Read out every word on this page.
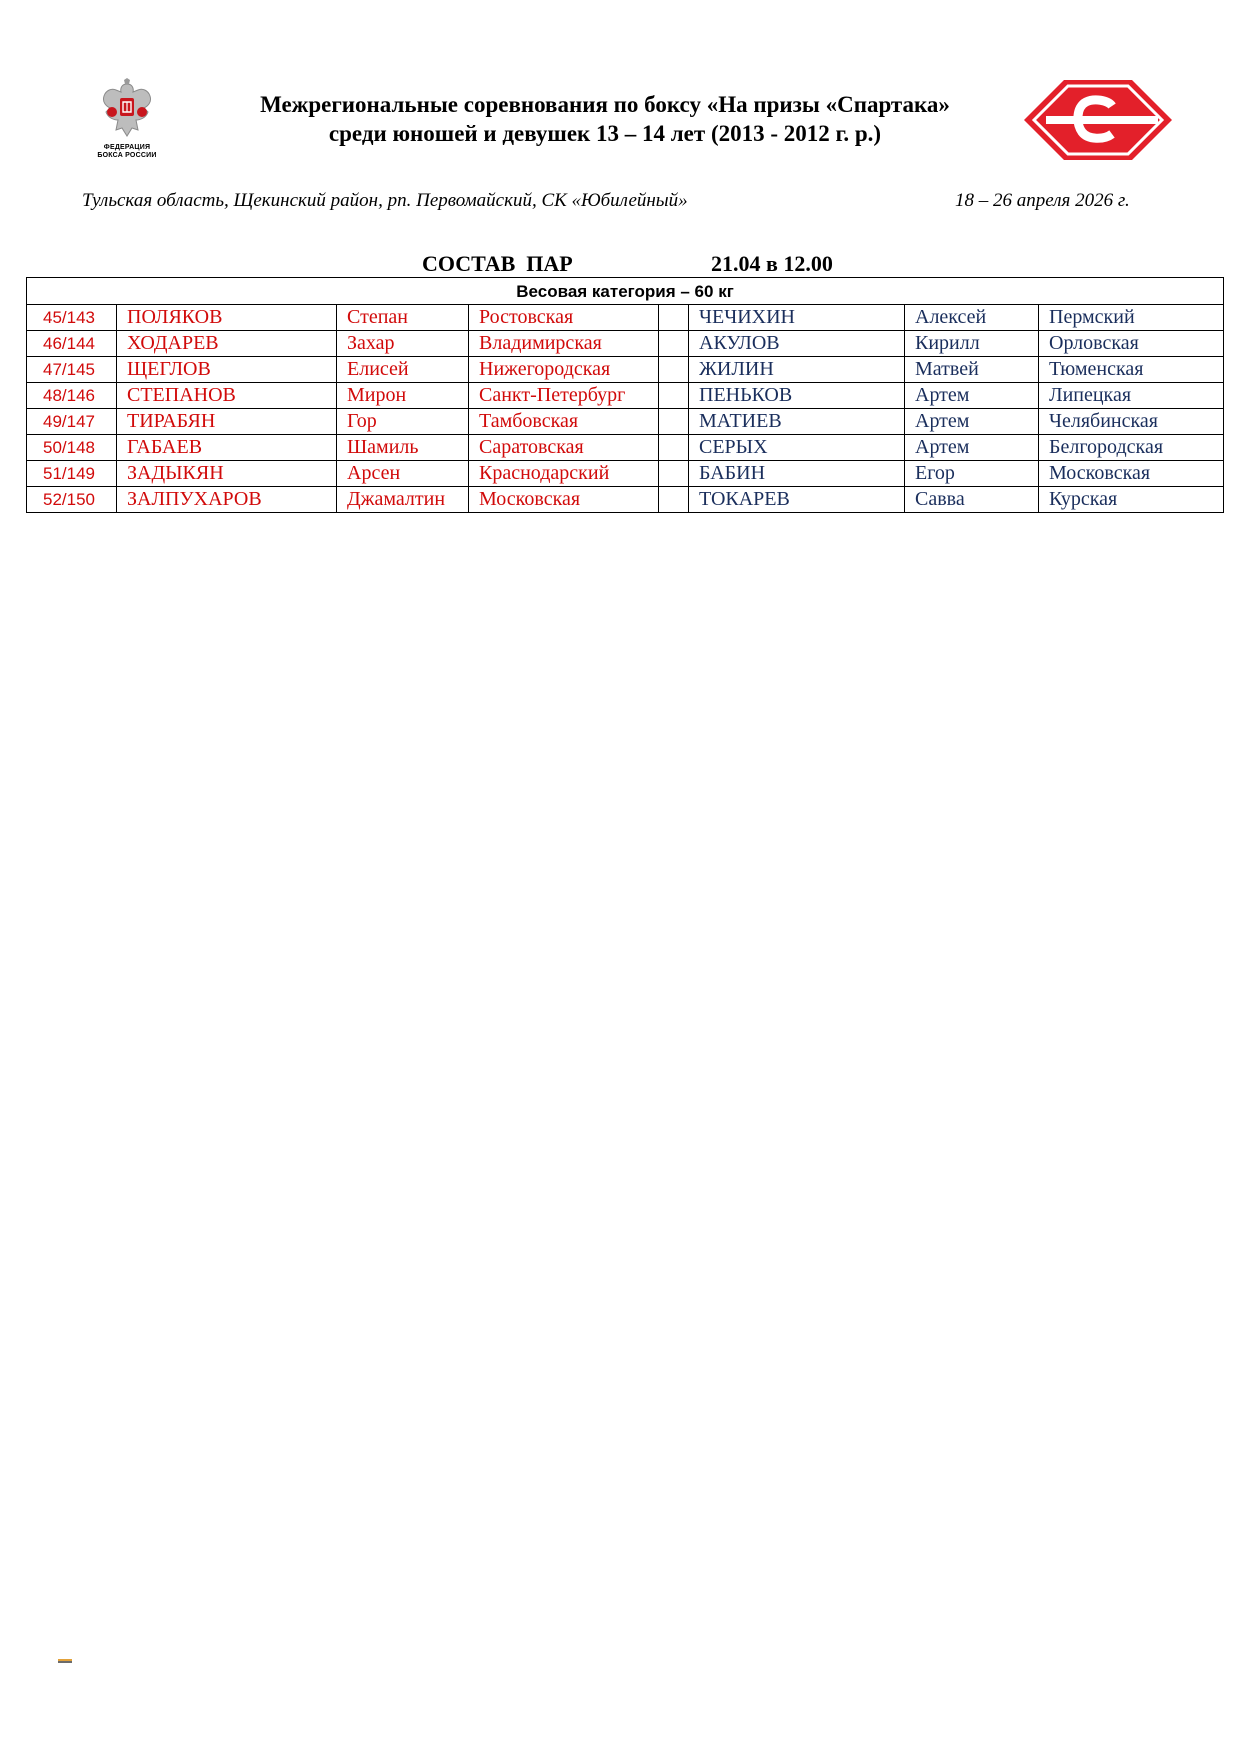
ФЕДЕРАЦИЯ
БОКСА РОССИИ
Межрегиональные соревнования по боксу «На призы «Спартака»
среди юношей и девушек 13 – 14 лет (2013 - 2012 г. р.)
Тульская область, Щекинский район, рп. Первомайский, СК «Юбилейный»	18 – 26 апреля 2026 г.
СОСТАВ  ПАР	21.04 в 12.00
Весовая категория – 60 кг							
45/143	ПОЛЯКОВ	Степан	Ростовская		ЧЕЧИХИН	Алексей	Пермский
46/144	ХОДАРЕВ	Захар	Владимирская		АКУЛОВ	Кирилл	Орловская
47/145	ЩЕГЛОВ	Елисей	Нижегородская		ЖИЛИН	Матвей	Тюменская
48/146	СТЕПАНОВ	Мирон	Санкт-Петербург		ПЕНЬКОВ	Артем	Липецкая
49/147	ТИРАБЯН	Гор	Тамбовская		МАТИЕВ	Артем	Челябинская
50/148	ГАБАЕВ	Шамиль	Саратовская		СЕРЫХ	Артем	Белгородская
51/149	ЗАДЫКЯН	Арсен	Краснодарский		БАБИН	Егор	Московская
52/150	ЗАЛПУХАРОВ	Джамалтин	Московская		ТОКАРЕВ	Савва	Курская
